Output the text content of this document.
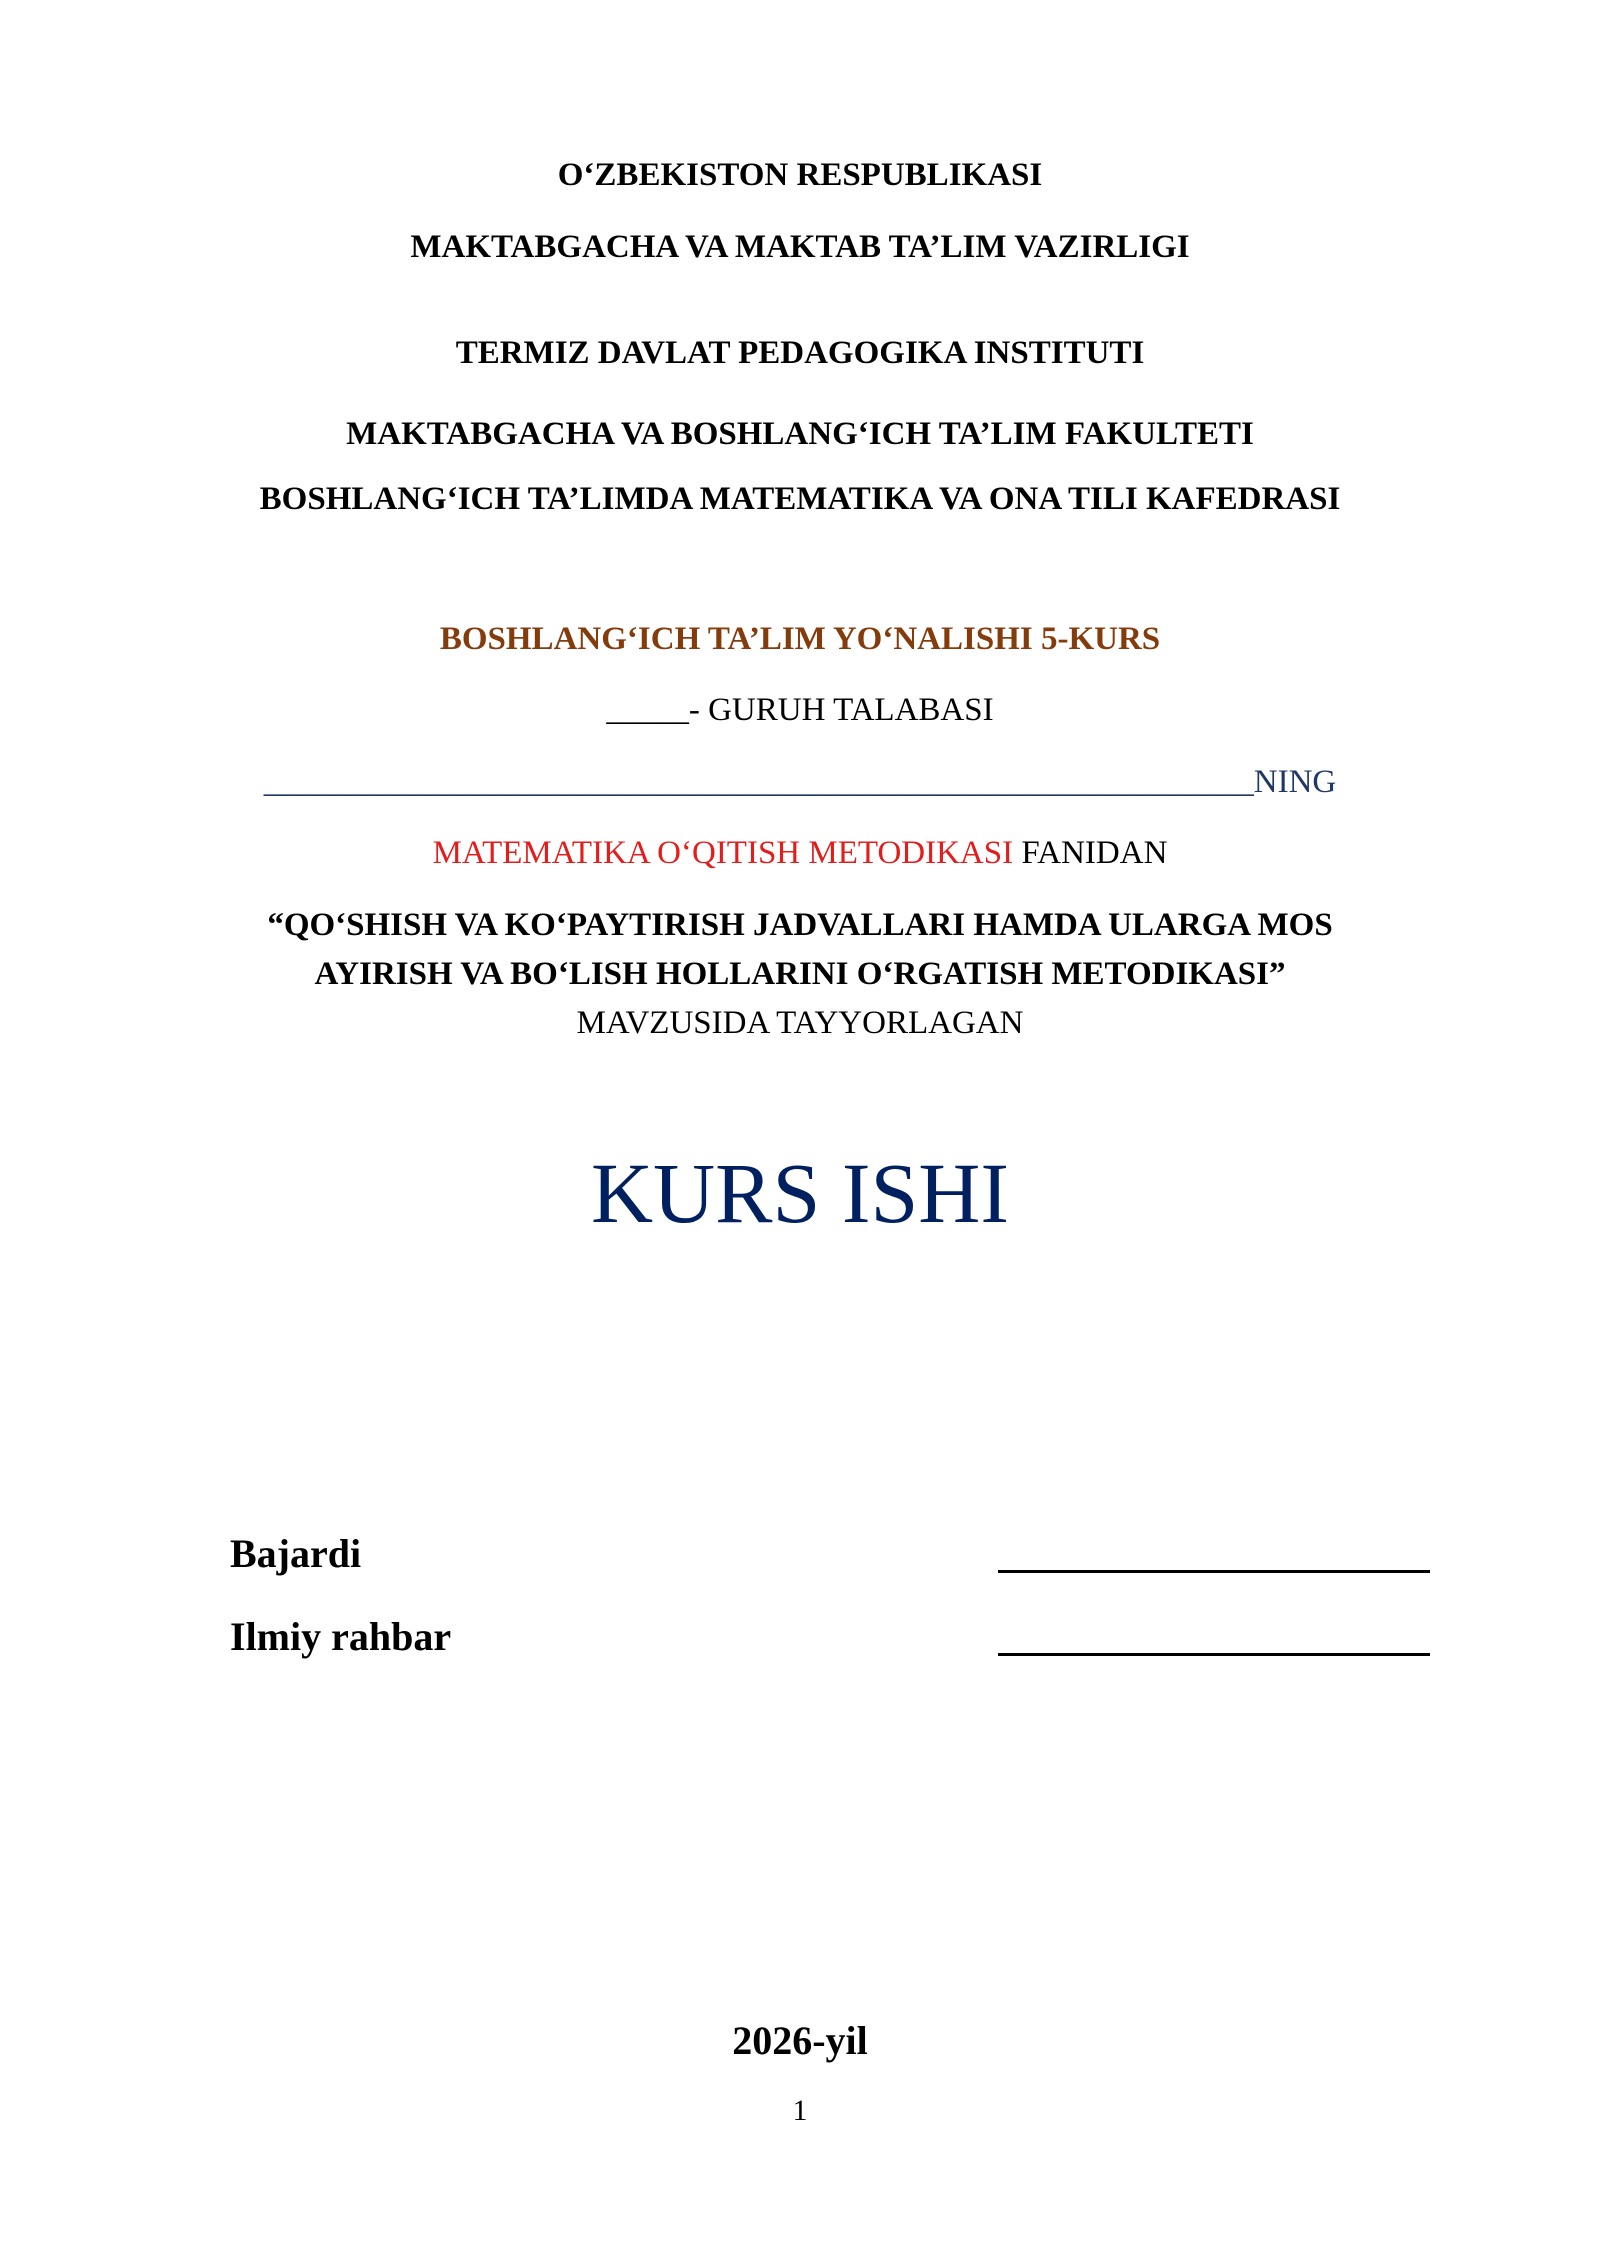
O‘ZBEKISTON RESPUBLIKASI
MAKTABGACHA VA MAKTAB TA’LIM VAZIRLIGI
TERMIZ DAVLAT PEDAGOGIKA INSTITUTI
MAKTABGACHA VA BOSHLANG‘ICH TA’LIM FAKULTETI
BOSHLANG‘ICH TA’LIMDA MATEMATIKA VA ONA TILI KAFEDRASI
BOSHLANG‘ICH TA’LIM YO‘NALISHI 5-KURS
_____- GURUH TALABASI
____________________________________________________________NING
MATEMATIKA O‘QITISH METODIKASI FANIDAN
“QO‘SHISH VA KO‘PAYTIRISH JADVALLARI HAMDA ULARGA MOS
AYIRISH VA BO‘LISH HOLLARINI O‘RGATISH METODIKASI”
MAVZUSIDA TAYYORLAGAN
KURS ISHI
Bajardi
Ilmiy rahbar
2026-yil
1
